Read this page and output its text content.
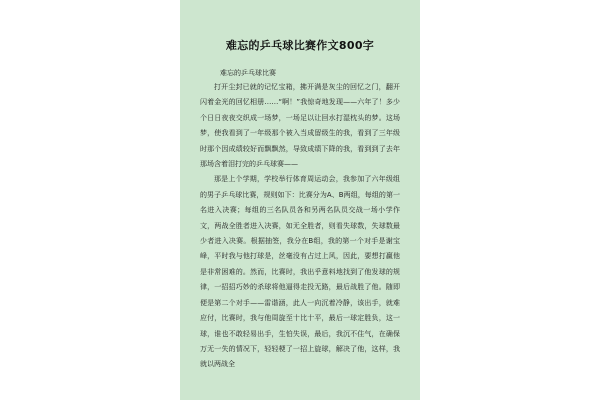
难忘的乒乓球比赛作文800字
难忘的乒乓球比赛

打开尘封已就的记忆宝箱，拂开满是灰尘的回忆之门，翻开闪着金光的回忆相册……“啊！”我惊奇地发现——六年了！多少个日日夜夜交织成一场梦，一场足以让回水打湿枕头的梦。这场梦，使我看到了一年级那个被入当成留级生的我，看到了三年级时那个因成绩较好而飘飘然，导致成绩下降的我，看到到了去年那场含着泪打完的乒乓球赛——

那是上个学期，学校举行体育周运动会，我参加了六年级组的男子乒乓球比赛，规则如下：比赛分为A、B两组，每组的第一名进入决赛；每组的三名队员各和另两名队员交战一场小学作文，两战全胜者进入决赛，如无全胜者，则看失球数，失球数最少者进入决赛。根据抽签，我分在B组，我的第一个对手是谢宝峰，平时我与他打球是，丝毫没有占过上风，因此，要想打赢他是非常困难的。然而，比赛时，我出乎意料地找到了他发球的规律，一招招巧妙的杀球将他逼得走投无路，最后战胜了他。随即便是第二个对手——雷谐涵，此人一向沉着冷静，该出手，就难应付，比赛时，我与他周旋至十比十平，最后一球定胜负，这一球，谁也不敢轻易出手，生怕失误，最后，我沉不住气，在确保万无一失的情况下，轻轻梗了一招上旋球，解决了他，这样，我就以两战全
